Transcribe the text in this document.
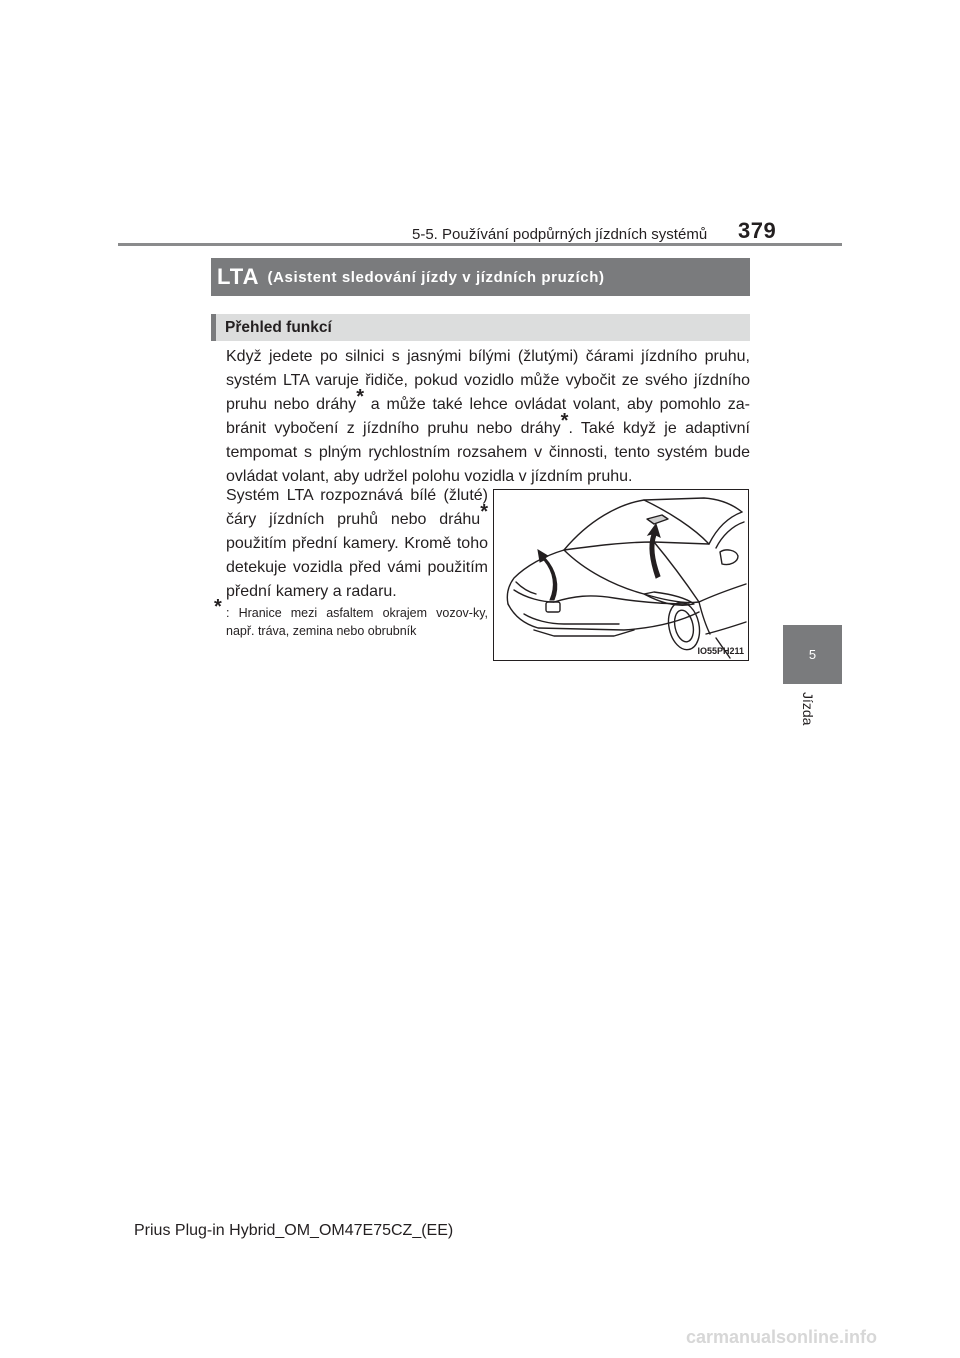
5-5. Používání podpůrných jízdních systémů 379
LTA (Asistent sledování jízdy v jízdních pruzích)
Přehled funkcí

Když jedete po silnici s jasnými bílými (žlutými) čárami jízdního pruhu, systém LTA varuje řidiče, pokud vozidlo může vybočit ze svého jízdního pruhu nebo dráhy* a může také lehce ovládat volant, aby pomohlo za-bránit vybočení z jízdního pruhu nebo dráhy*. Také když je adaptivní tempomat s plným rychlostním rozsahem v činnosti, tento systém bude ovládat volant, aby udržel polohu vozidla v jízdním pruhu.

Systém LTA rozpoznává bílé (žluté) čáry jízdních pruhů nebo dráhu* použitím přední kamery. Kromě toho detekuje vozidla před vámi použitím přední kamery a radaru.

* : Hranice mezi asfaltem okrajem vozov-ky, např. tráva, zemina nebo obrubník
IO55PH211	5
Jízda
Prius Plug-in Hybrid_OM_OM47E75CZ_(EE)
carmanualsonline.info
